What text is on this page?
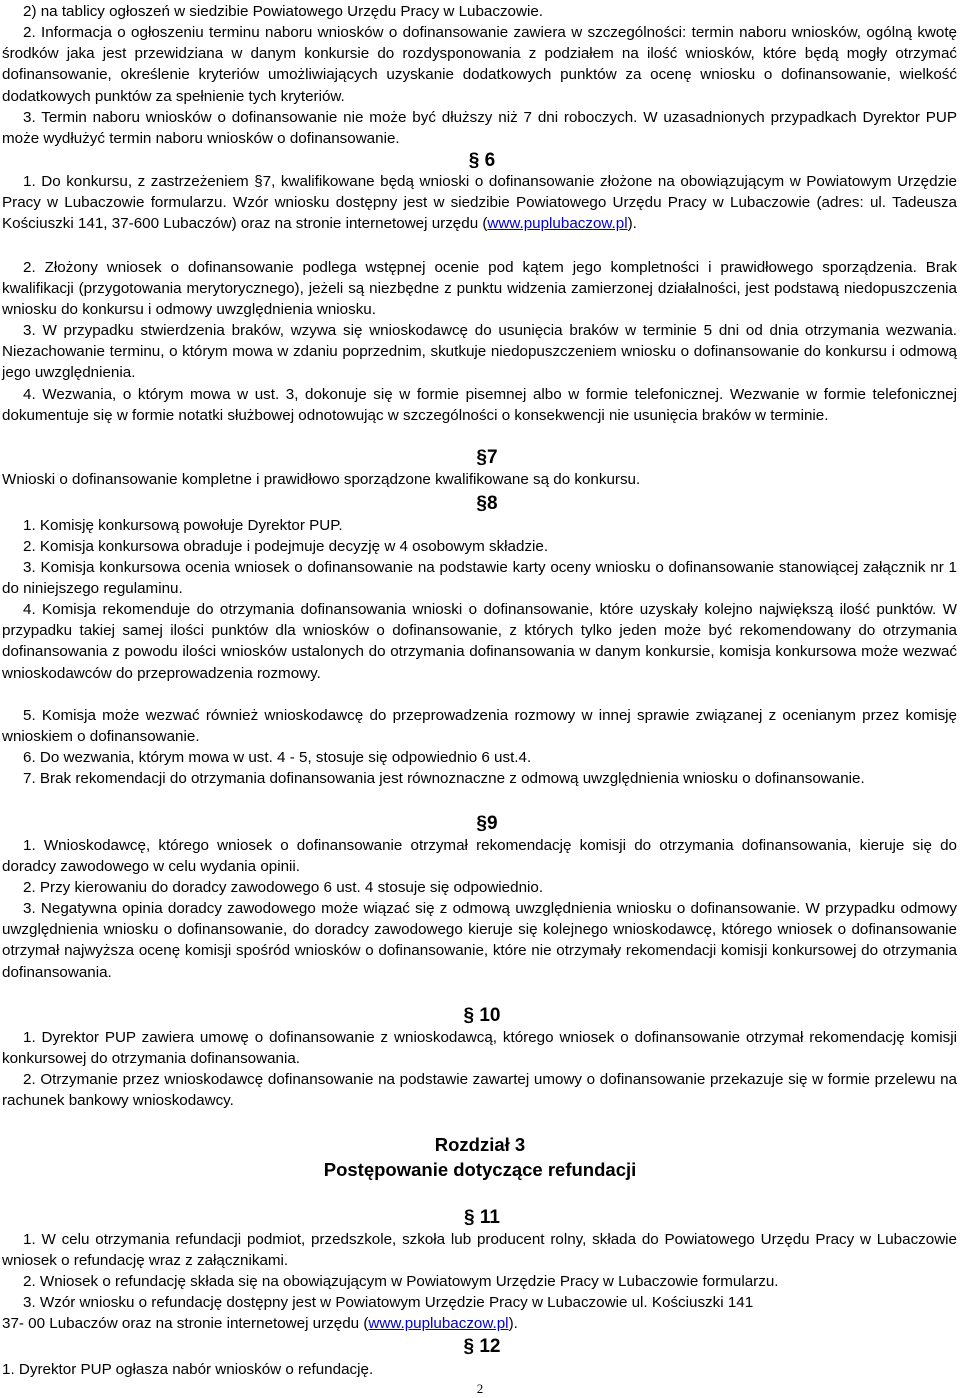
2) na tablicy ogłoszeń w siedzibie Powiatowego Urzędu Pracy w Lubaczowie.

2. Informacja o ogłoszeniu terminu naboru wniosków o dofinansowanie zawiera w szczególności: termin naboru wniosków, ogólną kwotę środków jaka jest przewidziana w danym konkursie do rozdysponowania z podziałem na ilość wniosków, które będą mogły otrzymać dofinansowanie, określenie kryteriów umożliwiających uzyskanie dodatkowych punktów za ocenę wniosku o dofinansowanie, wielkość dodatkowych punktów za spełnienie tych kryteriów.

3. Termin naboru wniosków o dofinansowanie nie może być dłuższy niż 7 dni roboczych. W uzasadnionych przypadkach Dyrektor PUP może wydłużyć termin naboru wniosków o dofinansowanie.

§ 6

1. Do konkursu, z zastrzeżeniem §7, kwalifikowane będą wnioski o dofinansowanie złożone na obowiązującym w Powiatowym Urzędzie Pracy w Lubaczowie formularzu. Wzór wniosku dostępny jest w siedzibie Powiatowego Urzędu Pracy w Lubaczowie (adres: ul. Tadeusza Kościuszki 141, 37-600 Lubaczów) oraz na stronie internetowej urzędu (www.puplubaczow.pl).

2. Złożony wniosek o dofinansowanie podlega wstępnej ocenie pod kątem jego kompletności i prawidłowego sporządzenia. Brak kwalifikacji (przygotowania merytorycznego), jeżeli są niezbędne z punktu widzenia zamierzonej działalności, jest podstawą niedopuszczenia wniosku do konkursu i odmowy uwzględnienia wniosku.

3. W przypadku stwierdzenia braków, wzywa się wnioskodawcę do usunięcia braków w terminie 5 dni od dnia otrzymania wezwania. Niezachowanie terminu, o którym mowa w zdaniu poprzednim, skutkuje niedopuszczeniem wniosku o dofinansowanie do konkursu i odmową jego uwzględnienia.

4. Wezwania, o którym mowa w ust. 3, dokonuje się w formie pisemnej albo w formie telefonicznej. Wezwanie w formie telefonicznej dokumentuje się w formie notatki służbowej odnotowując w szczególności o konsekwencji nie usunięcia braków w terminie.

§7

Wnioski o dofinansowanie kompletne i prawidłowo sporządzone kwalifikowane są do konkursu.

§8

1. Komisję konkursową powołuje Dyrektor PUP.

2. Komisja konkursowa obraduje i podejmuje decyzję w 4 osobowym składzie.

3. Komisja konkursowa ocenia wniosek o dofinansowanie na podstawie karty oceny wniosku o dofinansowanie stanowiącej załącznik nr 1 do niniejszego regulaminu.

4. Komisja rekomenduje do otrzymania dofinansowania wnioski o dofinansowanie, które uzyskały kolejno największą ilość punktów. W przypadku takiej samej ilości punktów dla wniosków o dofinansowanie, z których tylko jeden może być rekomendowany do otrzymania dofinansowania z powodu ilości wniosków ustalonych do otrzymania dofinansowania w danym konkursie, komisja konkursowa może wezwać wnioskodawców do przeprowadzenia rozmowy.

5. Komisja może wezwać również wnioskodawcę do przeprowadzenia rozmowy w innej sprawie związanej z ocenianym przez komisję wnioskiem o dofinansowanie.

6. Do wezwania, którym mowa w ust. 4 - 5, stosuje się odpowiednio 6 ust.4.

7. Brak rekomendacji do otrzymania dofinansowania jest równoznaczne z odmową uwzględnienia wniosku o dofinansowanie.

§9

1. Wnioskodawcę, którego wniosek o dofinansowanie otrzymał rekomendację komisji do otrzymania dofinansowania, kieruje się do doradcy zawodowego w celu wydania opinii.

2. Przy kierowaniu do doradcy zawodowego 6 ust. 4 stosuje się odpowiednio.

3. Negatywna opinia doradcy zawodowego może wiązać się z odmową uwzględnienia wniosku o dofinansowanie. W przypadku odmowy uwzględnienia wniosku o dofinansowanie, do doradcy zawodowego kieruje się kolejnego wnioskodawcę, którego wniosek o dofinansowanie otrzymał najwyższa ocenę komisji spośród wniosków o dofinansowanie, które nie otrzymały rekomendacji komisji konkursowej do otrzymania dofinansowania.

§ 10

1. Dyrektor PUP zawiera umowę o dofinansowanie z wnioskodawcą, którego wniosek o dofinansowanie otrzymał rekomendację komisji konkursowej do otrzymania dofinansowania.

2. Otrzymanie przez wnioskodawcę dofinansowanie na podstawie zawartej umowy o dofinansowanie przekazuje się w formie przelewu na rachunek bankowy wnioskodawcy.

Rozdział 3
Postępowanie dotyczące refundacji
§ 11

1. W celu otrzymania refundacji podmiot, przedszkole, szkoła lub producent rolny, składa do Powiatowego Urzędu Pracy w Lubaczowie wniosek o refundację wraz z załącznikami.

2. Wniosek o refundację składa się na obowiązującym w Powiatowym Urzędzie Pracy w Lubaczowie formularzu.

3. Wzór wniosku o refundację dostępny jest w Powiatowym Urzędzie Pracy w Lubaczowie ul. Kościuszki 141
37- 00 Lubaczów oraz na stronie internetowej urzędu (www.puplubaczow.pl).

§ 12

1. Dyrektor PUP ogłasza nabór wniosków o refundację.

2
